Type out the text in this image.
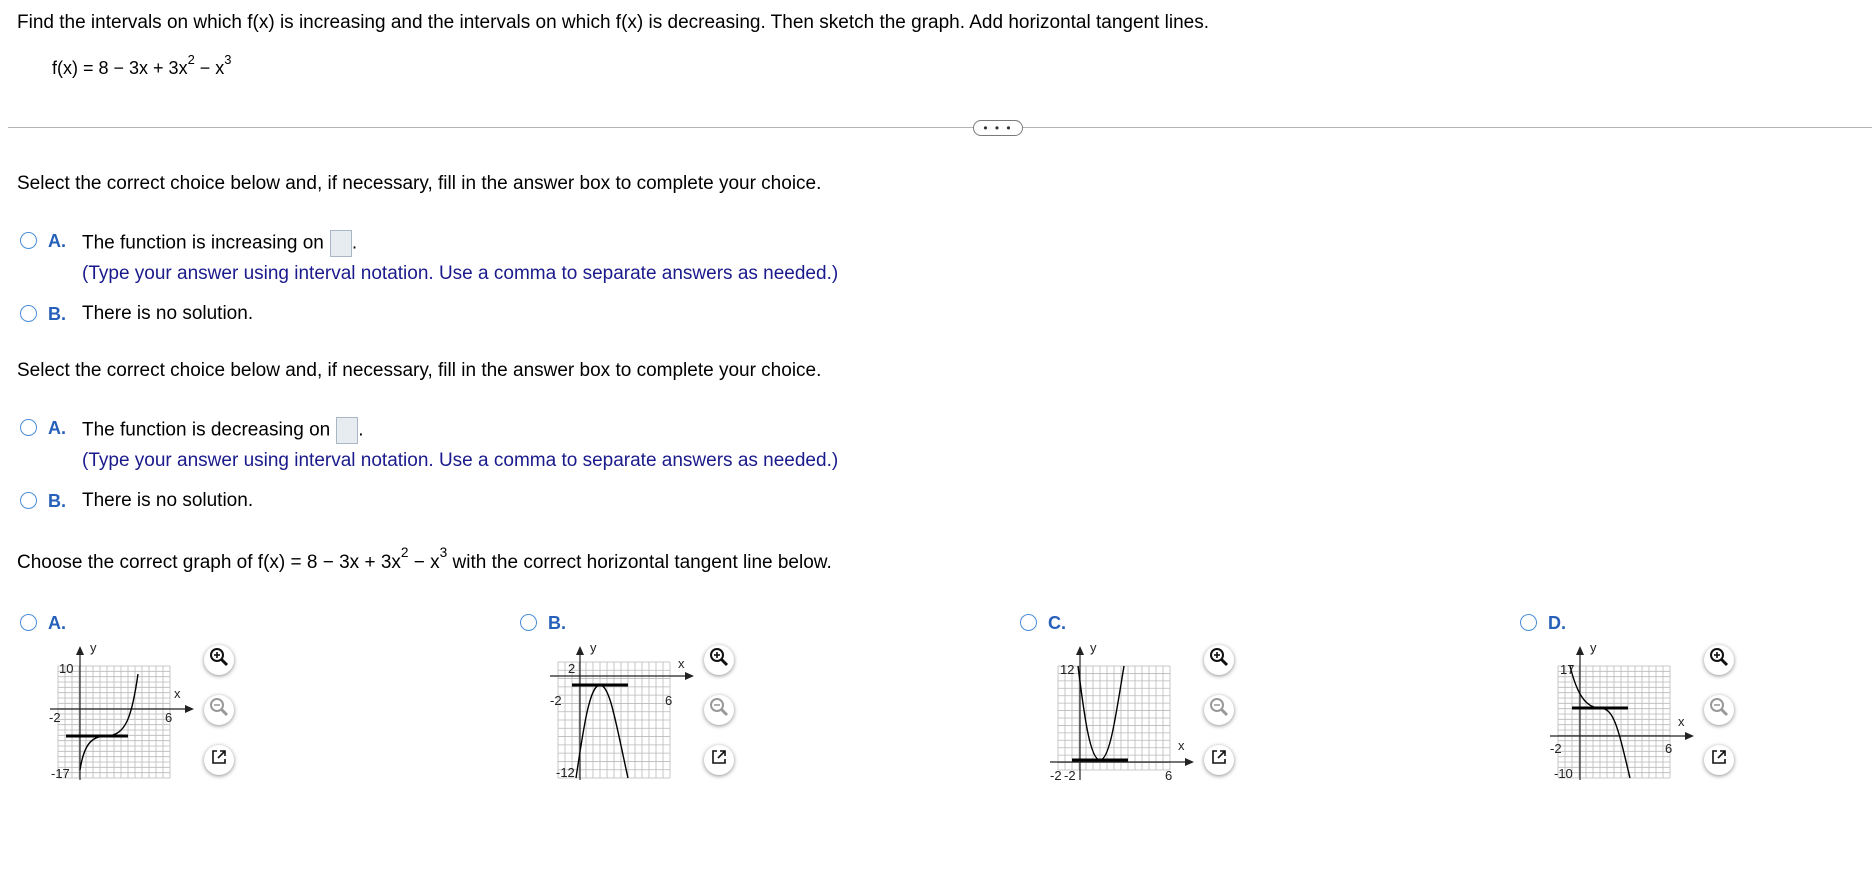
Find the intervals on which f(x) is increasing and the intervals on which f(x) is decreasing. Then sketch the graph. Add horizontal tangent lines.
$f(x) = 8 - 3x + 3x^2 - x^3$
• • •
Select the correct choice below and, if necessary, fill in the answer box to complete your choice.
A. The function is increasing on .
(Type your answer using interval notation. Use a comma to separate answers as needed.)
B. There is no solution.
Select the correct choice below and, if necessary, fill in the answer box to complete your choice.
A. The function is decreasing on .
(Type your answer using interval notation. Use a comma to separate answers as needed.)
B. There is no solution.
Choose the correct graph of $f(x) = 8 - 3x + 3x^2 - x^3$ with the correct horizontal tangent line below.
A.
y
x
10
-17
-2	6
B.
y
x
2
-12
-2	6
C.
y
x
12
-2 -2	6
D.
y
x
17
-2
-10
6
